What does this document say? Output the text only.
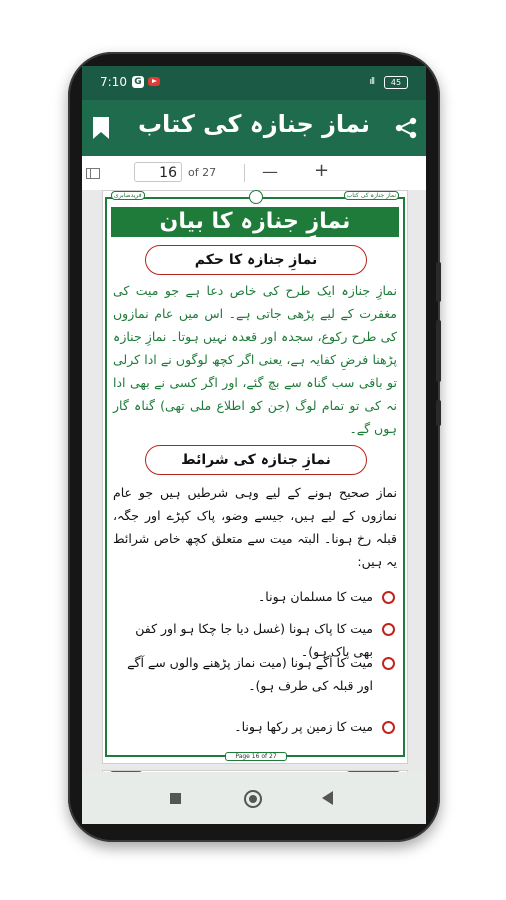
7:10 G	ıll	45
نماز جنازہ کی کتاب
16	of 27	— +
فریدصابری	نماز جنازہ کی کتاب
نمازِ جنازہ کا بیان
نمازِ جنازہ کا حکم
نمازِ جنازہ ایک طرح کی خاص دعا ہے جو میت کی مغفرت کے لیے پڑھی جاتی ہے۔ اس میں عام نمازوں کی طرح رکوع، سجدہ اور قعدہ نہیں ہوتا۔ نمازِ جنازہ پڑھنا فرضِ کفایہ ہے، یعنی اگر کچھ لوگوں نے ادا کرلی تو باقی سب گناہ سے بچ گئے، اور اگر کسی نے بھی ادا نہ کی تو تمام لوگ (جن کو اطلاع ملی تھی) گناہ گار ہوں گے۔
نمازِ جنازہ کی شرائط
نماز صحیح ہونے کے لیے وہی شرطیں ہیں جو عام نمازوں کے لیے ہیں، جیسے وضو، پاک کپڑے اور جگہ، قبلہ رخ ہونا۔ البتہ میت سے متعلق کچھ خاص شرائط یہ ہیں:
میت کا مسلمان ہونا۔
میت کا پاک ہونا (غسل دیا جا چکا ہو اور کفن بھی پاک ہو)۔
میت کا آگے ہونا (میت نماز پڑھنے والوں سے آگے اور قبلہ کی طرف ہو)۔
میت کا زمین پر رکھا ہونا۔
Page 16 of 27
